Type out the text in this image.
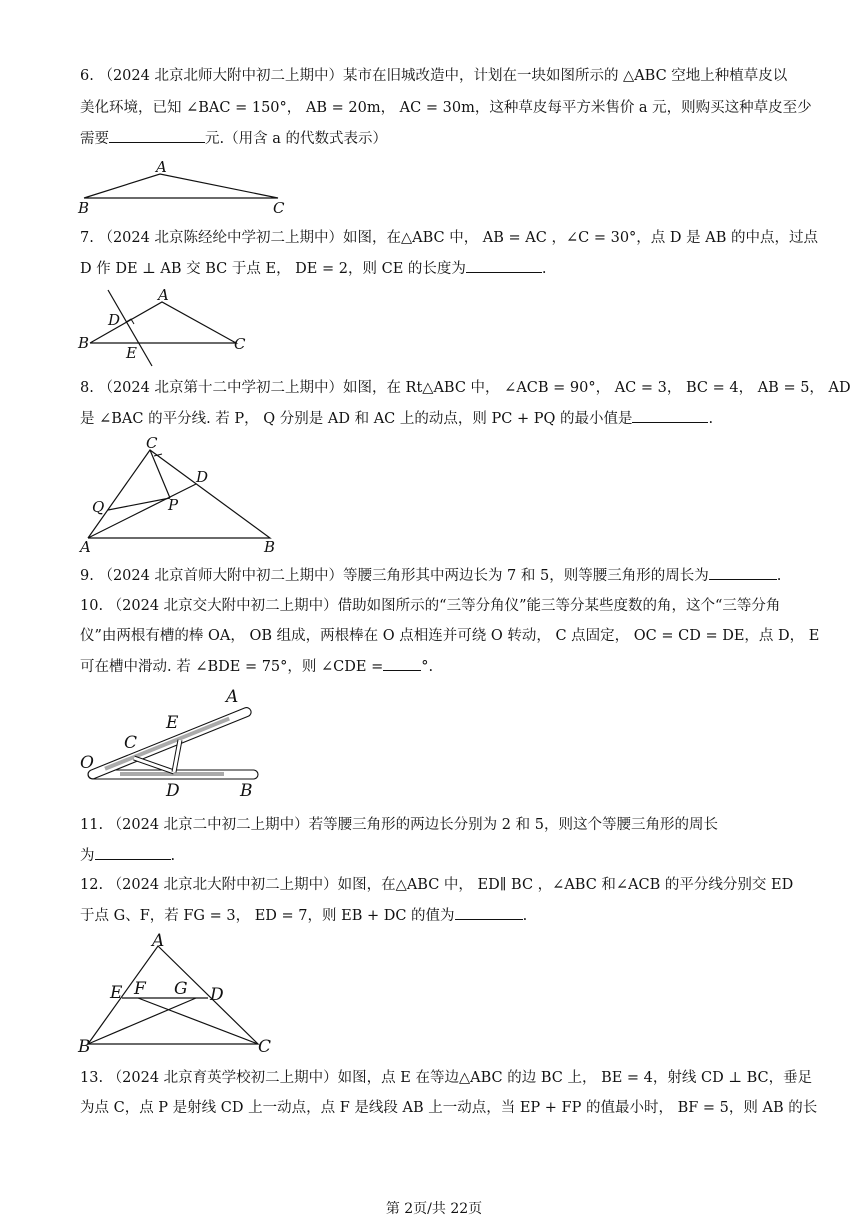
6. （2024 北京北师大附中初二上期中）某市在旧城改造中，计划在一块如图所示的 △ABC 空地上种植草皮以
美化环境，已知 ∠BAC = 150°， AB = 20m， AC = 30m，这种草皮每平方米售价 a 元，则购买这种草皮至少
需要	元.（用含 a 的代数式表示）
A
B	C
7. （2024 北京陈经纶中学初二上期中）如图，在△ABC 中， AB = AC ，∠C = 30°，点 D 是 AB 的中点，过点
D 作 DE ⊥ AB 交 BC 于点 E， DE = 2，则 CE 的长度为	.
A
B	C
D
E
8. （2024 北京第十二中学初二上期中）如图，在 Rt△ABC 中， ∠ACB = 90°， AC = 3， BC = 4， AB = 5， AD
是 ∠BAC 的平分线. 若 P， Q 分别是 AD 和 AC 上的动点，则 PC + PQ 的最小值是	.
C
D
Q	P
A	B
9. （2024 北京首师大附中初二上期中）等腰三角形其中两边长为 7 和 5，则等腰三角形的周长为	.
10. （2024 北京交大附中初二上期中）借助如图所示的“三等分角仪”能三等分某些度数的角，这个“三等分角
仪”由两根有槽的棒 OA， OB 组成，两根棒在 O 点相连并可绕 O 转动， C 点固定， OC = CD = DE，点 D， E
可在槽中滑动. 若 ∠BDE = 75°，则 ∠CDE =	°.
O
C
E
A
D	B
11. （2024 北京二中初二上期中）若等腰三角形的两边长分别为 2 和 5，则这个等腰三角形的周长
为	.
12. （2024 北京北大附中初二上期中）如图，在△ABC 中， ED∥ BC ，∠ABC 和∠ACB 的平分线分别交 ED
于点 G、F，若 FG = 3， ED = 7，则 EB + DC 的值为	.
A
E F G D
B	C
13. （2024 北京育英学校初二上期中）如图，点 E 在等边△ABC 的边 BC 上， BE = 4，射线 CD ⊥ BC，垂足
为点 C，点 P 是射线 CD 上一动点，点 F 是线段 AB 上一动点，当 EP + FP 的值最小时， BF = 5，则 AB 的长
第 2页/共 22页
